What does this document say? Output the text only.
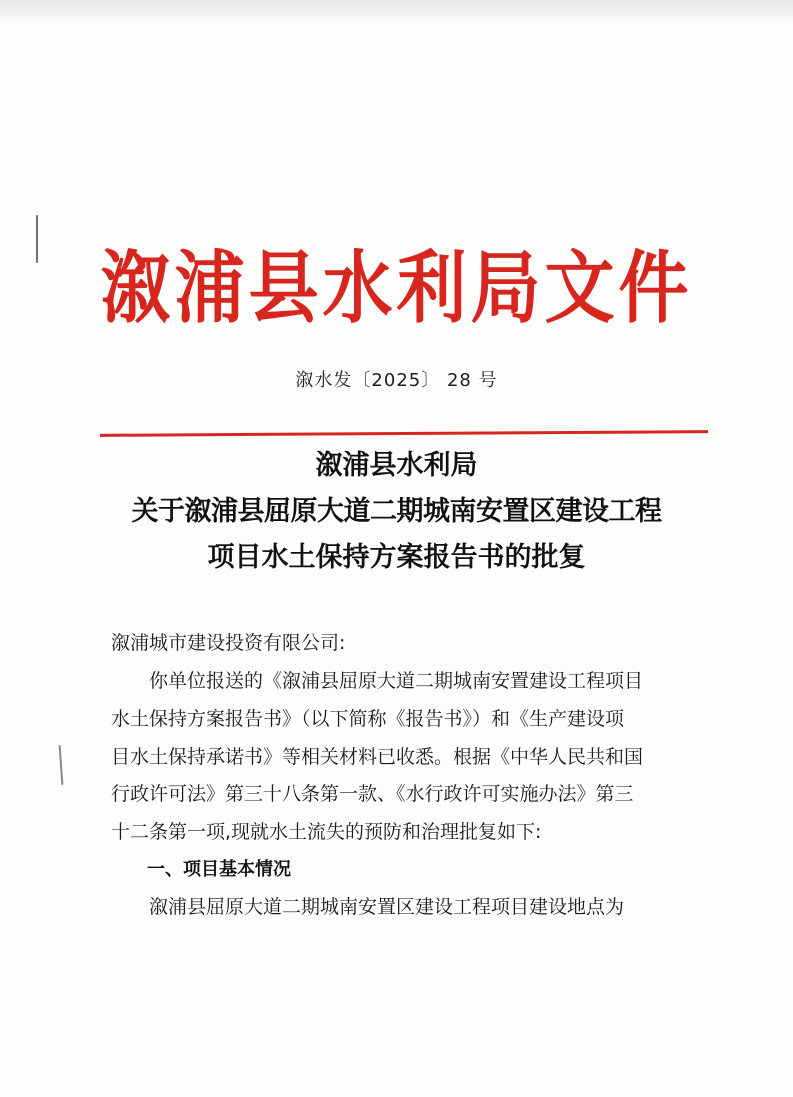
溆浦县水利局文件
溆水发〔2025〕 28 号
溆浦县水利局
关于溆浦县屈原大道二期城南安置区建设工程
项目水土保持方案报告书的批复
溆浦城市建设投资有限公司:
你单位报送的《溆浦县屈原大道二期城南安置建设工程项目
水土保持方案报告书》（以下简称《报告书》）和《生产建设项
目水土保持承诺书》等相关材料已收悉。根据《中华人民共和国
行政许可法》第三十八条第一款、《水行政许可实施办法》第三
十二条第一项,现就水土流失的预防和治理批复如下:
一、项目基本情况
溆浦县屈原大道二期城南安置区建设工程项目建设地点为
